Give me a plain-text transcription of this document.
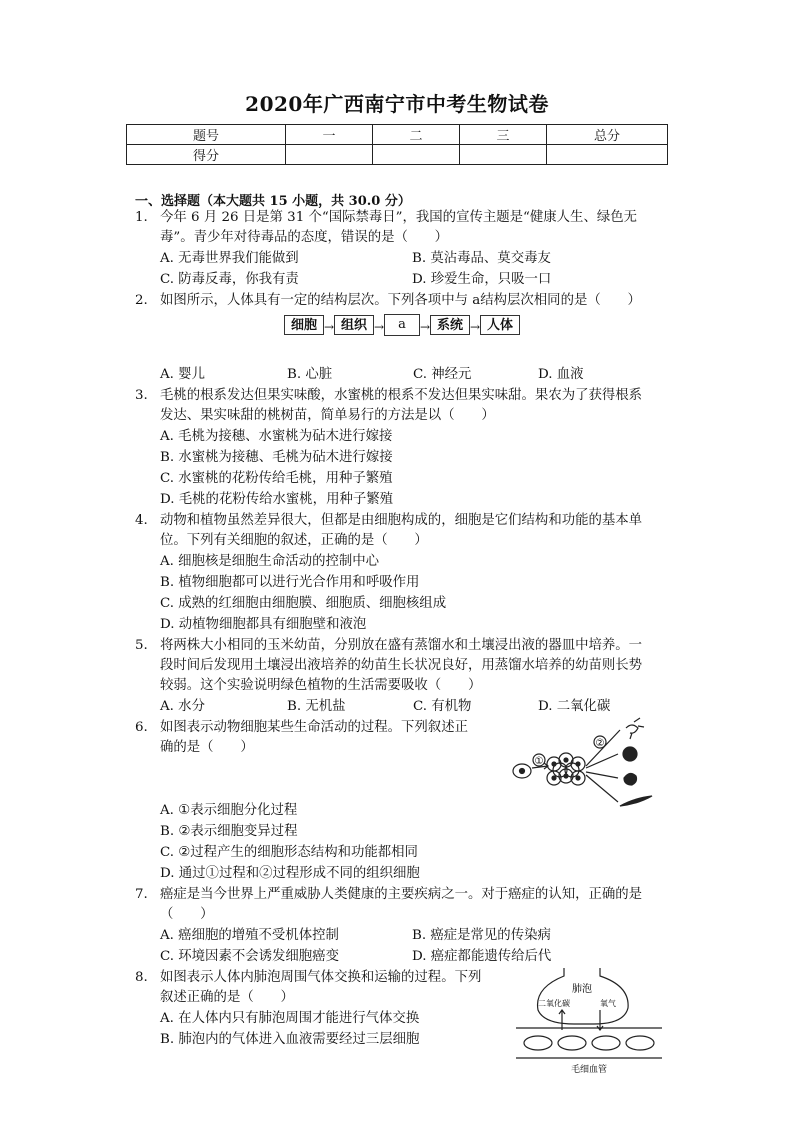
2020年广西南宁市中考生物试卷
题号	一	二	三	总分
得分				
一、选择题（本大题共 15 小题，共 30.0 分）
1. 今年 6 月 26 日是第 31 个“国际禁毒日”，我国的宣传主题是“健康人生、绿色无
毒”。青少年对待毒品的态度，错误的是（　　）
A. 无毒世界我们能做到	B. 莫沾毒品、莫交毒友
C. 防毒反毒，你我有责	D. 珍爱生命，只吸一口
2. 如图所示，人体具有一定的结构层次。下列各项中与 a结构层次相同的是（　　）
细胞 → 组织 →	a	→ 系统 → 人体
A. 婴儿	B. 心脏	C. 神经元	D. 血液
3. 毛桃的根系发达但果实味酸，水蜜桃的根系不发达但果实味甜。果农为了获得根系
发达、果实味甜的桃树苗，简单易行的方法是以（　　）
A. 毛桃为接穗、水蜜桃为砧木进行嫁接
B. 水蜜桃为接穗、毛桃为砧木进行嫁接
C. 水蜜桃的花粉传给毛桃，用种子繁殖
D. 毛桃的花粉传给水蜜桃，用种子繁殖
4. 动物和植物虽然差异很大，但都是由细胞构成的，细胞是它们结构和功能的基本单
位。下列有关细胞的叙述，正确的是（　　）
A. 细胞核是细胞生命活动的控制中心
B. 植物细胞都可以进行光合作用和呼吸作用
C. 成熟的红细胞由细胞膜、细胞质、细胞核组成
D. 动植物细胞都具有细胞壁和液泡
5. 将两株大小相同的玉米幼苗，分别放在盛有蒸馏水和土壤浸出液的器皿中培养。一
段时间后发现用土壤浸出液培养的幼苗生长状况良好，用蒸馏水培养的幼苗则长势
较弱。这个实验说明绿色植物的生活需要吸收（　　）
A. 水分	B. 无机盐	C. 有机物	D. 二氧化碳
6. 如图表示动物细胞某些生命活动的过程。下列叙述正
确的是（　　）
①
②
A. ①表示细胞分化过程
B. ②表示细胞变异过程
C. ②过程产生的细胞形态结构和功能都相同
D. 通过①过程和②过程形成不同的组织细胞
7. 癌症是当今世界上严重威胁人类健康的主要疾病之一。对于癌症的认知，正确的是
（　　）
A. 癌细胞的增殖不受机体控制	B. 癌症是常见的传染病
C. 环境因素不会诱发细胞癌变	D. 癌症都能遗传给后代
8. 如图表示人体内肺泡周围气体交换和运输的过程。下列
叙述正确的是（　　）
A. 在人体内只有肺泡周围才能进行气体交换
B. 肺泡内的气体进入血液需要经过三层细胞
肺泡
二氧化碳	氧气
毛细血管
